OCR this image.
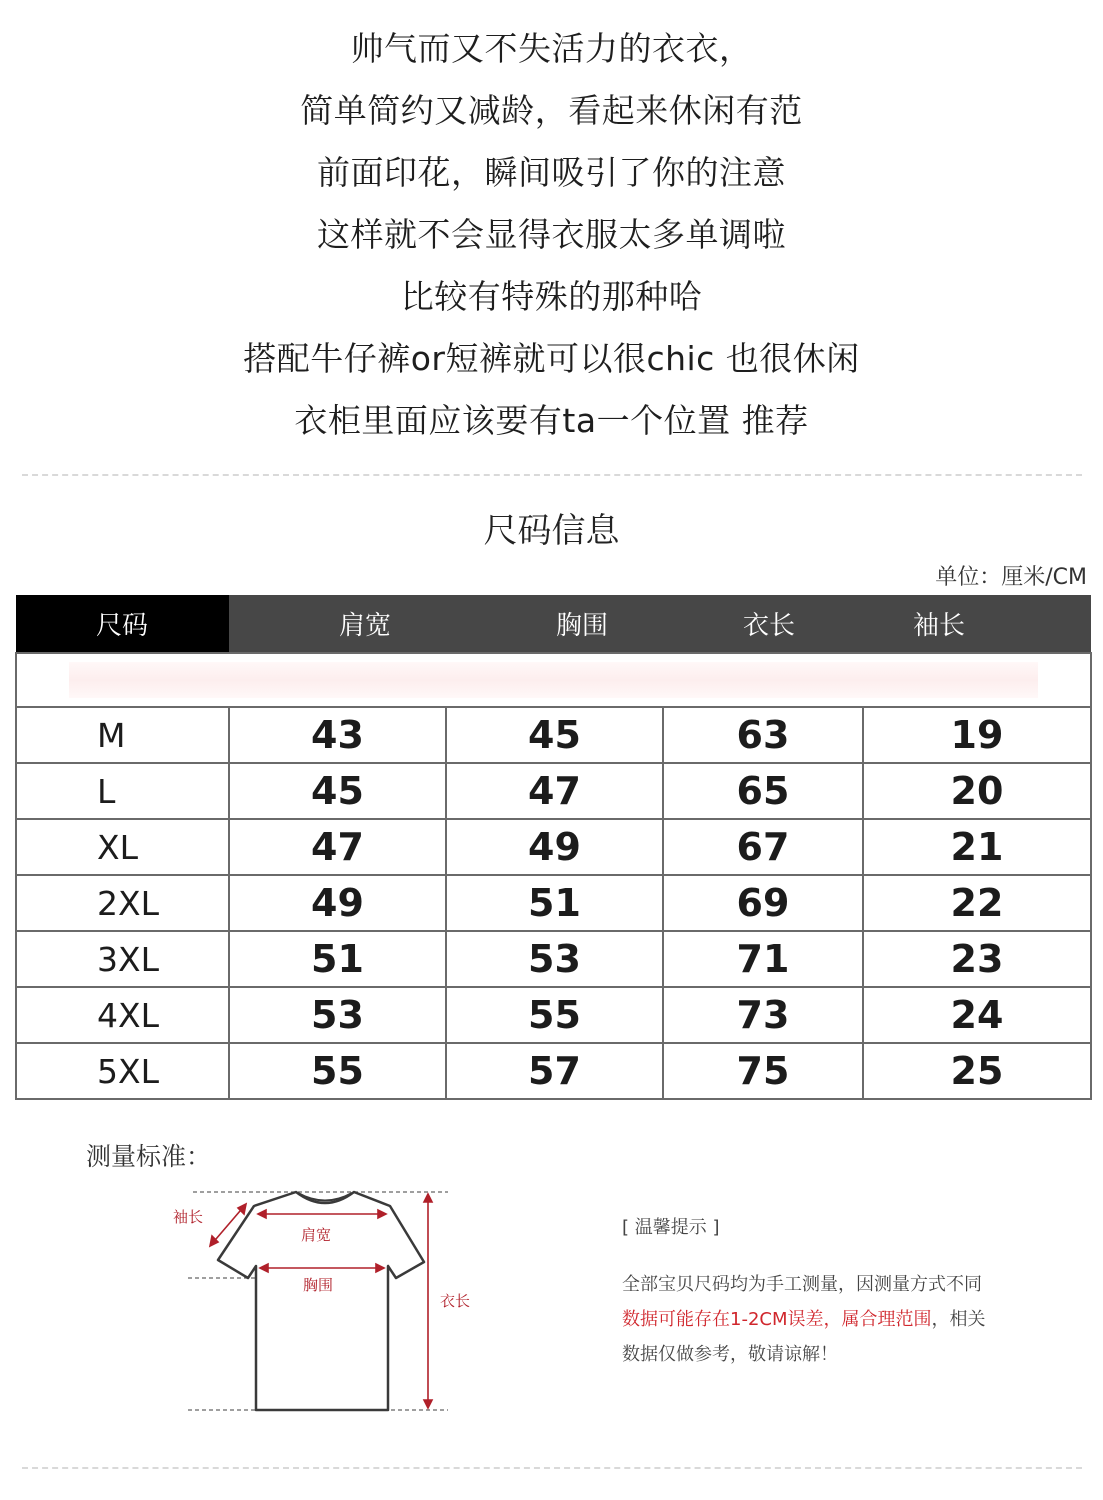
帅气而又不失活力的衣衣，
简单简约又减龄，看起来休闲有范
前面印花，瞬间吸引了你的注意
这样就不会显得衣服太多单调啦
比较有特殊的那种哈
搭配牛仔裤or短裤就可以很chic 也很休闲
衣柜里面应该要有ta一个位置 推荐
尺码信息
单位：厘米/CM
尺码	肩宽	胸围	衣长	袖长

M	43	45	63	19
L	45	47	65	20
XL	47	49	67	21
2XL	49	51	69	22
3XL	51	53	71	23
4XL	53	55	73	24
5XL	55	57	75	25
测量标准：
袖长
肩宽
胸围
衣长
[ 温馨提示 ]
全部宝贝尺码均为手工测量，因测量方式不同
数据可能存在1-2CM误差，属合理范围，相关
数据仅做参考，敬请谅解！
